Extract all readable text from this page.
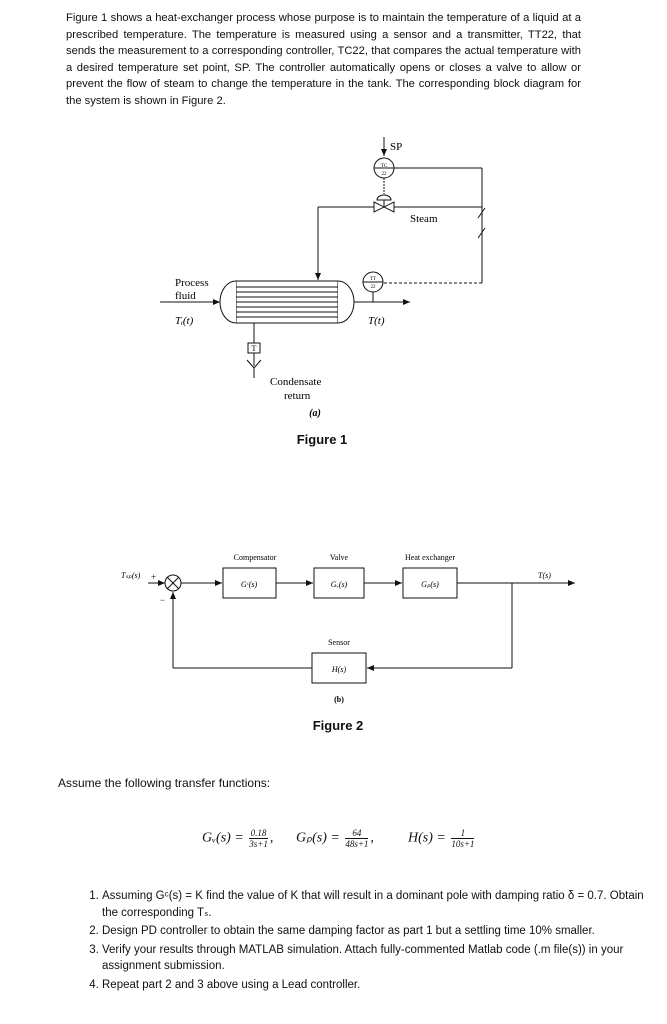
Figure 1 shows a heat-exchanger process whose purpose is to maintain the temperature of a liquid at a prescribed temperature. The temperature is measured using a sensor and a transmitter, TT22, that sends the measurement to a corresponding controller, TC22, that compares the actual temperature with a desired temperature set point, SP. The controller automatically opens or closes a valve to allow or prevent the flow of steam to change the temperature in the tank. The corresponding block diagram for the system is shown in Figure 2.
SP
TC
22
Steam
TT
22
Process
fluid
Tᵢ(t)	T(t)
T
Condensate
return
(a)
Figure 1
Tₛₚ(s) +
−
Compensator
Gᶜ(s)
Valve
Gᵥ(s)
Heat exchanger
Gₚ(s)
T(s)
Sensor
H(s)
(b)
Figure 2
Assume the following transfer functions:
Gᵥ(s) = $\frac{0.18}{3s+1}$ , $G_p(s) = \frac{64}{48s+1}$ , $H(s) = \frac{1}{10s+1}$
1. Assuming Gᶜ(s) = K find the value of K that will result in a dominant pole with damping ratio δ = 0.7. Obtain the corresponding Tₛ.
2. Design PD controller to obtain the same damping factor as part 1 but a settling time 10% smaller.
3. Verify your results through MATLAB simulation. Attach fully-commented Matlab code (.m file(s)) in your assignment submission.
4. Repeat part 2 and 3 above using a Lead controller.
